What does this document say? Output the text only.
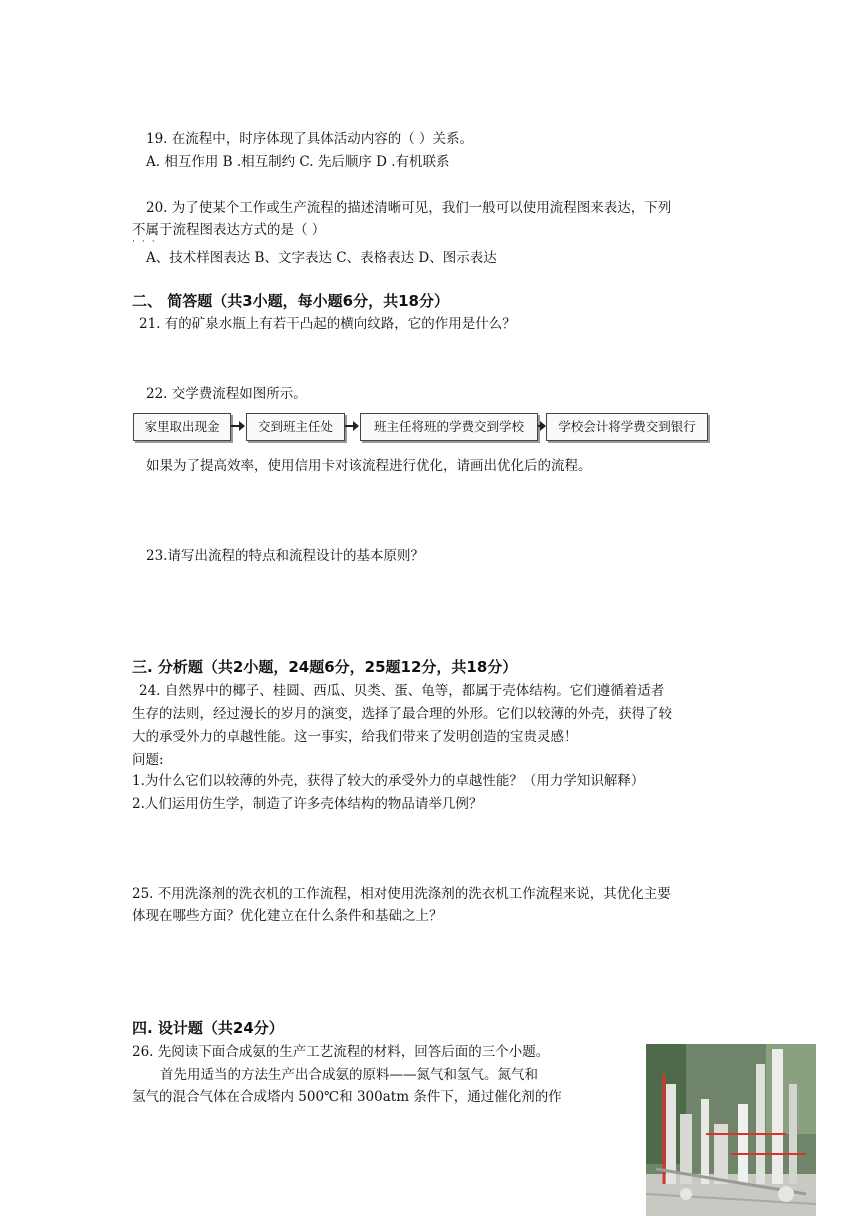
19. 在流程中，时序体现了具体活动内容的（ ）关系。
A. 相互作用 B .相互制约 C. 先后顺序 D .有机联系
20. 为了使某个工作或生产流程的描述清晰可见，我们一般可以使用流程图来表达，下列
不属于
···
流程图表达方式的是（ ）
A、技术样图表达 B、文字表达 C、表格表达 D、图示表达
二、 简答题（共3小题，每小题6分，共18分）
21. 有的矿泉水瓶上有若干凸起的横向纹路，它的作用是什么？
22. 交学费流程如图所示。
家里取出现金	交到班主任处	班主任将班的学费交到学校	学校会计将学费交到银行
如果为了提高效率，使用信用卡对该流程进行优化，请画出优化后的流程。
23.请写出流程的特点和流程设计的基本原则？
三. 分析题（共2小题，24题6分，25题12分，共18分）
24. 自然界中的椰子、桂圆、西瓜、贝类、蛋、龟等，都属于壳体结构。它们遵循着适者
生存的法则，经过漫长的岁月的演变，选择了最合理的外形。它们以较薄的外壳，获得了较
大的承受外力的卓越性能。这一事实，给我们带来了发明创造的宝贵灵感！
问题:
1.为什么它们以较薄的外壳，获得了较大的承受外力的卓越性能？（用力学知识解释）
2.人们运用仿生学，制造了许多壳体结构的物品请举几例？
25. 不用洗涤剂的洗衣机的工作流程，相对使用洗涤剂的洗衣机工作流程来说，其优化主要
体现在哪些方面？优化建立在什么条件和基础之上？
四. 设计题（共24分）
26. 先阅读下面合成氨的生产工艺流程的材料，回答后面的三个小题。
首先用适当的方法生产出合成氨的原料——氮气和氢气。氮气和
氢气的混合气体在合成塔内 500℃和 300atm 条件下，通过催化剂的作
